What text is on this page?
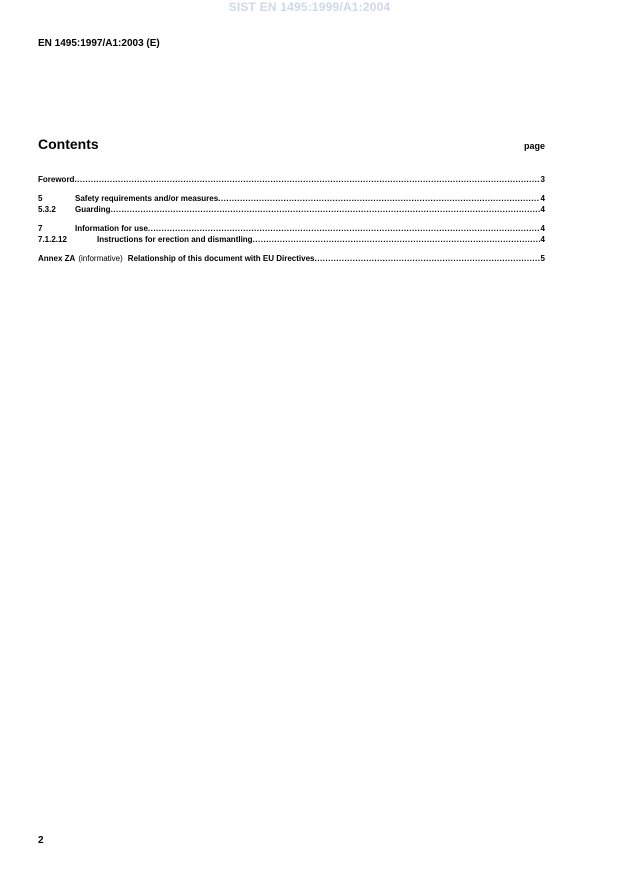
SIST EN 1495:1999/A1:2004
EN 1495:1997/A1:2003 (E)
Contents	page
Foreword .....	3
5	Safety requirements and/or measures .....	4
5.3.2	Guarding .....	4
7	Information for use .....	4
7.1.2.12	Instructions for erection and dismantling .....	4
Annex ZA (informative) Relationship of this document with EU Directives .....	5
2
